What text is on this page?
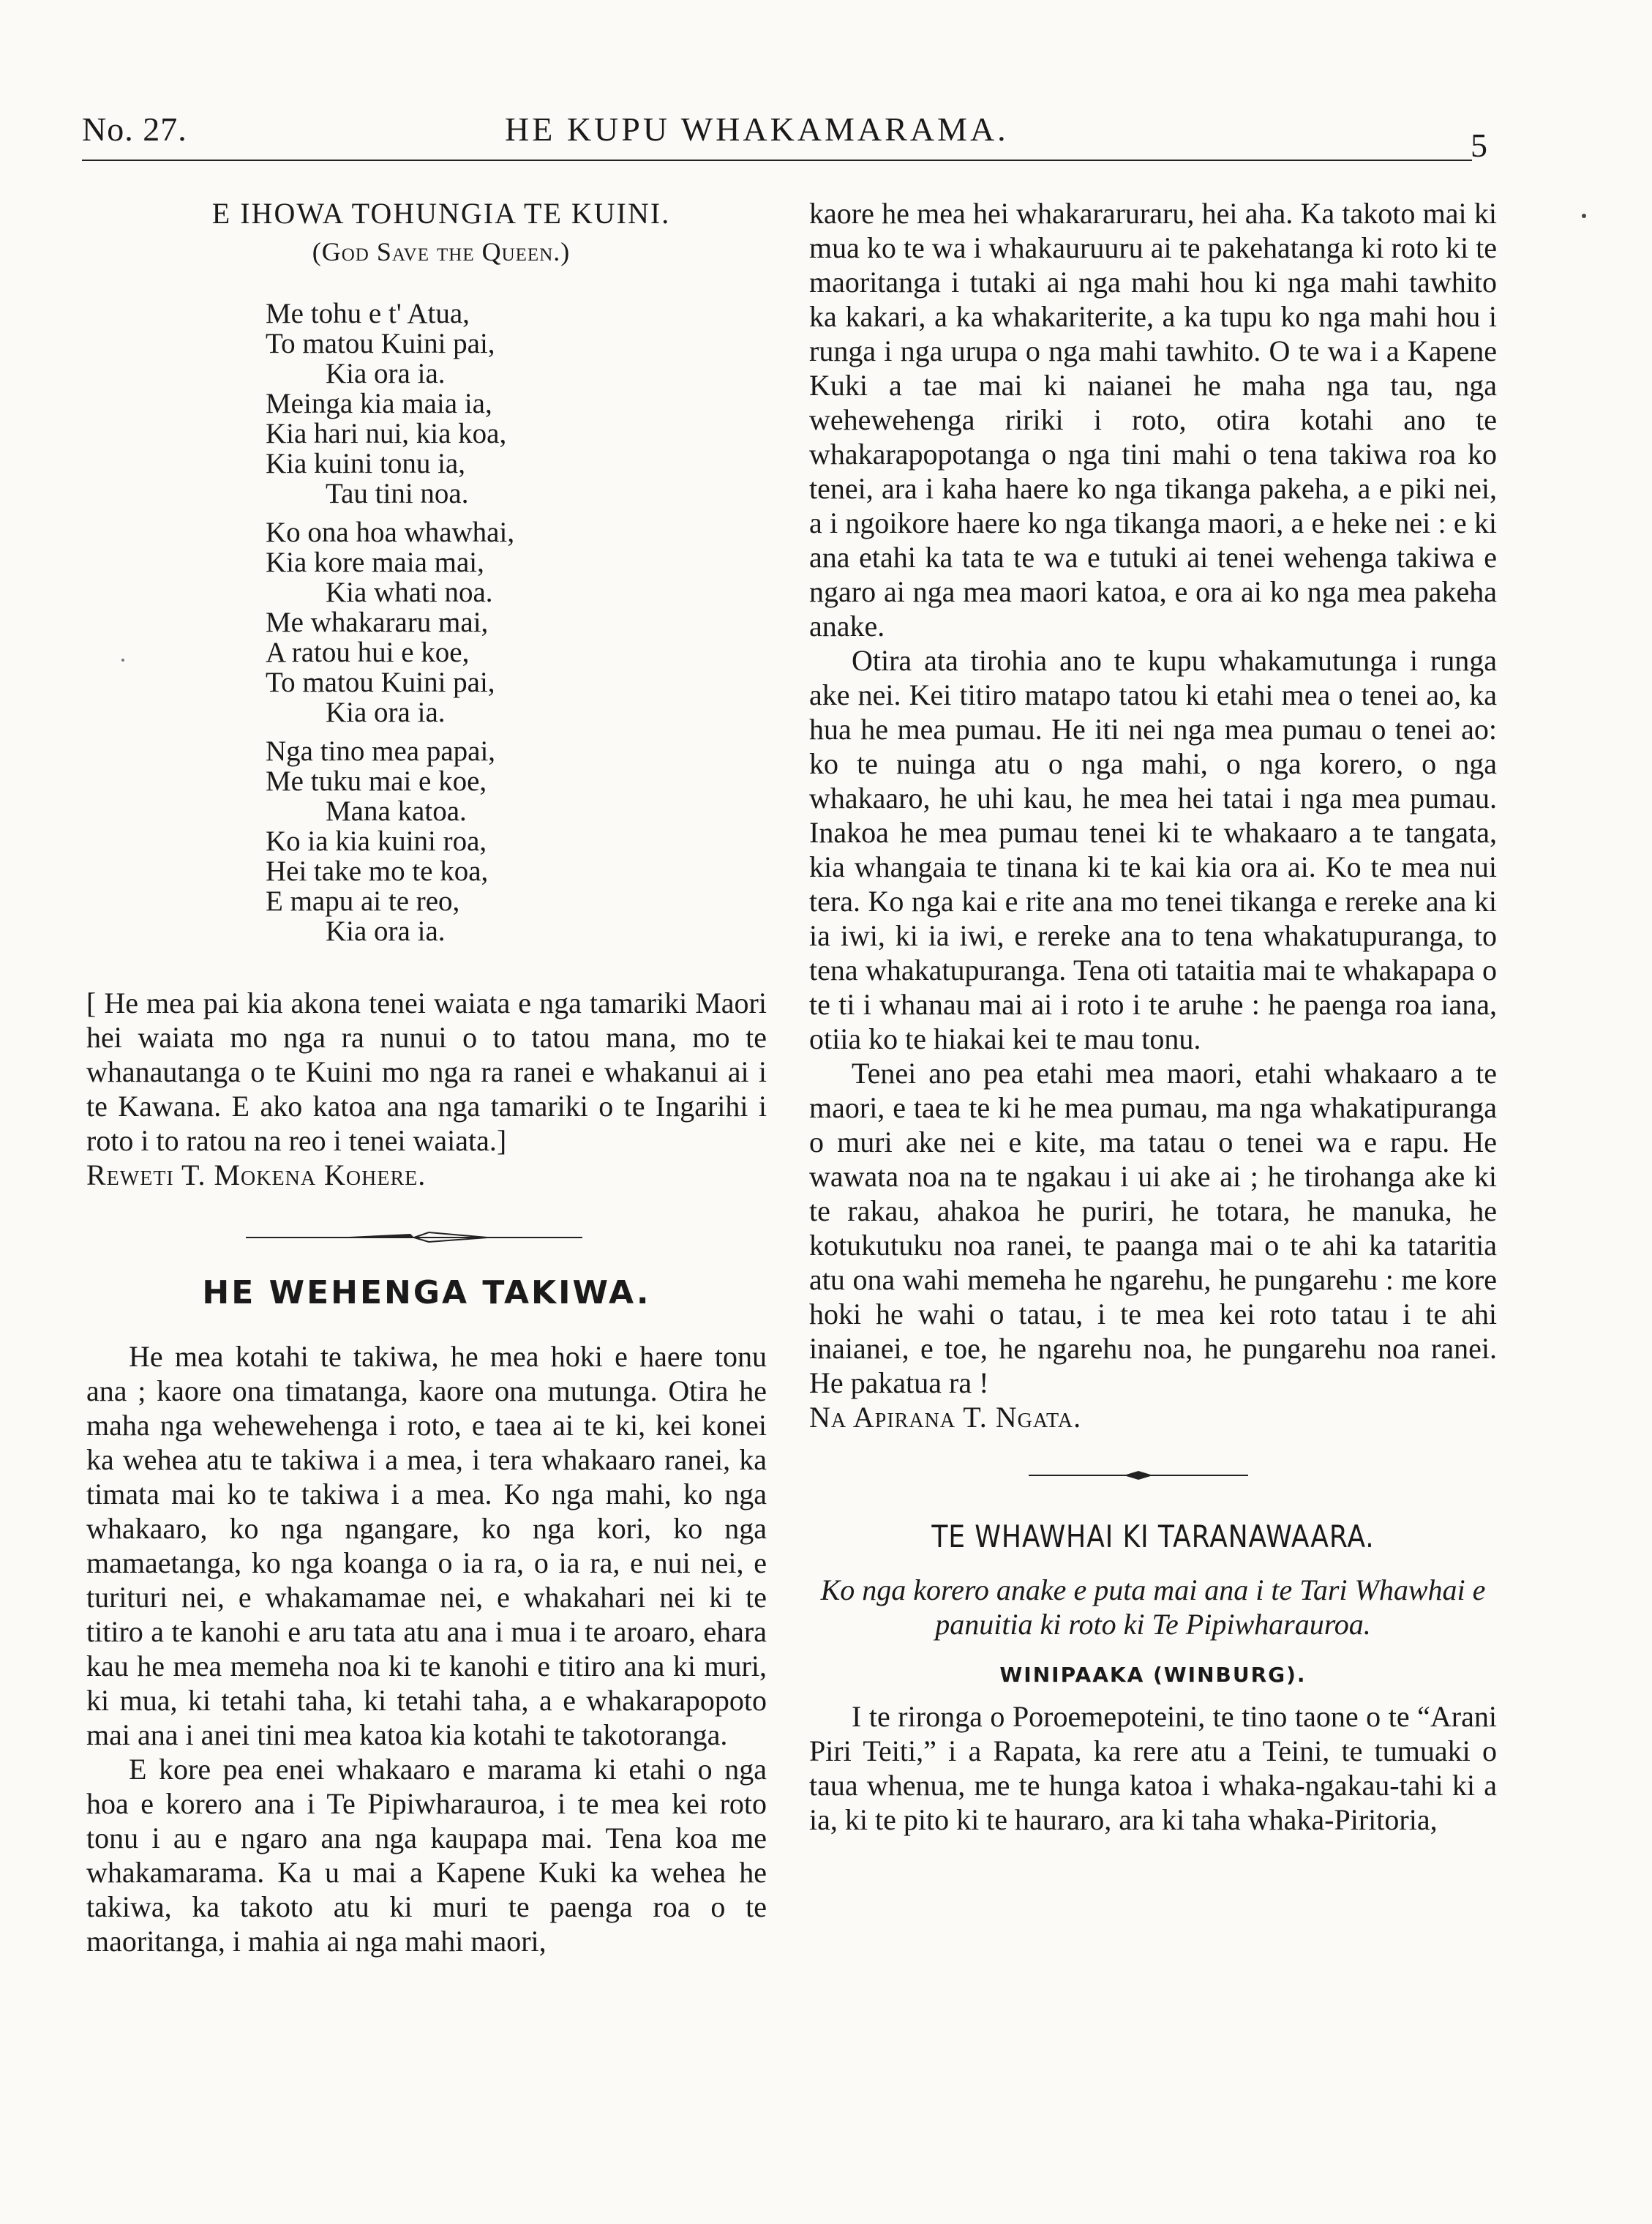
No. 27.	HE KUPU WHAKAMARAMA.	5
E IHOWA TOHUNGIA TE KUINI.
(God Save the Queen.)
Me tohu e t' Atua,
To matou Kuini pai,
Kia ora ia.
Meinga kia maia ia,
Kia hari nui, kia koa,
Kia kuini tonu ia,
Tau tini noa.
Ko ona hoa whawhai,
Kia kore maia mai,
Kia whati noa.
Me whakararu mai,
A ratou hui e koe,
To matou Kuini pai,
Kia ora ia.
Nga tino mea papai,
Me tuku mai e koe,
Mana katoa.
Ko ia kia kuini roa,
Hei take mo te koa,
E mapu ai te reo,
Kia ora ia.

[ He mea pai kia akona tenei waiata e nga tamariki Maori hei waiata mo nga ra nunui o to tatou mana, mo te whanautanga o te Kuini mo nga ra ranei e whakanui ai i te Kawana. E ako katoa ana nga tamariki o te Ingarihi i roto i to ratou na reo i tenei waiata.]

Reweti T. Mokena Kohere.

HE WEHENGA TAKIWA.

He mea kotahi te takiwa, he mea hoki e haere tonu ana ; kaore ona timatanga, kaore ona mutunga. Otira he maha nga wehewehenga i roto, e taea ai te ki, kei konei ka wehea atu te takiwa i a mea, i tera whakaaro ranei, ka timata mai ko te takiwa i a mea. Ko nga mahi, ko nga whakaaro, ko nga ngangare, ko nga kori, ko nga mamaetanga, ko nga koanga o ia ra, o ia ra, e nui nei, e turituri nei, e whakamamae nei, e whakahari nei ki te titiro a te kanohi e aru tata atu ana i mua i te aroaro, ehara kau he mea memeha noa ki te kanohi e titiro ana ki muri, ki mua, ki tetahi taha, ki tetahi taha, a e whakarapopoto mai ana i anei tini mea katoa kia kotahi te takotoranga.

E kore pea enei whakaaro e marama ki etahi o nga hoa e korero ana i Te Pipiwharauroa, i te mea kei roto tonu i au e ngaro ana nga kaupapa mai. Tena koa me whakamarama. Ka u mai a Kapene Kuki ka wehea he takiwa, ka takoto atu ki muri te paenga roa o te maoritanga, i mahia ai nga mahi maori,

kaore he mea hei whakararuraru, hei aha. Ka takoto mai ki mua ko te wa i whakauruuru ai te pakehatanga ki roto ki te maoritanga i tutaki ai nga mahi hou ki nga mahi tawhito ka kakari, a ka whakariterite, a ka tupu ko nga mahi hou i runga i nga urupa o nga mahi tawhito. O te wa i a Kapene Kuki a tae mai ki naianei he maha nga tau, nga wehewehenga ririki i roto, otira kotahi ano te whakarapopotanga o nga tini mahi o tena takiwa roa ko tenei, ara i kaha haere ko nga tikanga pakeha, a e piki nei, a i ngoikore haere ko nga tikanga maori, a e heke nei : e ki ana etahi ka tata te wa e tutuki ai tenei wehenga takiwa e ngaro ai nga mea maori katoa, e ora ai ko nga mea pakeha anake.

Otira ata tirohia ano te kupu whakamutunga i runga ake nei. Kei titiro matapo tatou ki etahi mea o tenei ao, ka hua he mea pumau. He iti nei nga mea pumau o tenei ao: ko te nuinga atu o nga mahi, o nga korero, o nga whakaaro, he uhi kau, he mea hei tatai i nga mea pumau. Inakoa he mea pumau tenei ki te whakaaro a te tangata, kia whangaia te tinana ki te kai kia ora ai. Ko te mea nui tera. Ko nga kai e rite ana mo tenei tikanga e rereke ana ki ia iwi, ki ia iwi, e rereke ana to tena whakatupuranga, to tena whakatupuranga. Tena oti tataitia mai te whakapapa o te ti i whanau mai ai i roto i te aruhe : he paenga roa iana, otiia ko te hiakai kei te mau tonu.

Tenei ano pea etahi mea maori, etahi whakaaro a te maori, e taea te ki he mea pumau, ma nga whakatipuranga o muri ake nei e kite, ma tatau o tenei wa e rapu. He wawata noa na te ngakau i ui ake ai ; he tirohanga ake ki te rakau, ahakoa he puriri, he totara, he manuka, he kotukutuku noa ranei, te paanga mai o te ahi ka tataritia atu ona wahi memeha he ngarehu, he pungarehu : me kore hoki he wahi o tatau, i te mea kei roto tatau i te ahi inaianei, e toe, he ngarehu noa, he pungarehu noa ranei. He pakatua ra !

Na Apirana T. Ngata.

TE WHAWHAI KI TARANAWAARA.

Ko nga korero anake e puta mai ana i te Tari Whawhai e panuitia ki roto ki Te Pipiwharauroa.

WINIPAAKA (WINBURG).

I te rironga o Poroemepoteini, te tino taone o te “Arani Piri Teiti,” i a Rapata, ka rere atu a Teini, te tumuaki o taua whenua, me te hunga katoa i whaka-ngakau-tahi ki a ia, ki te pito ki te hauraro, ara ki taha whaka-Piritoria,
